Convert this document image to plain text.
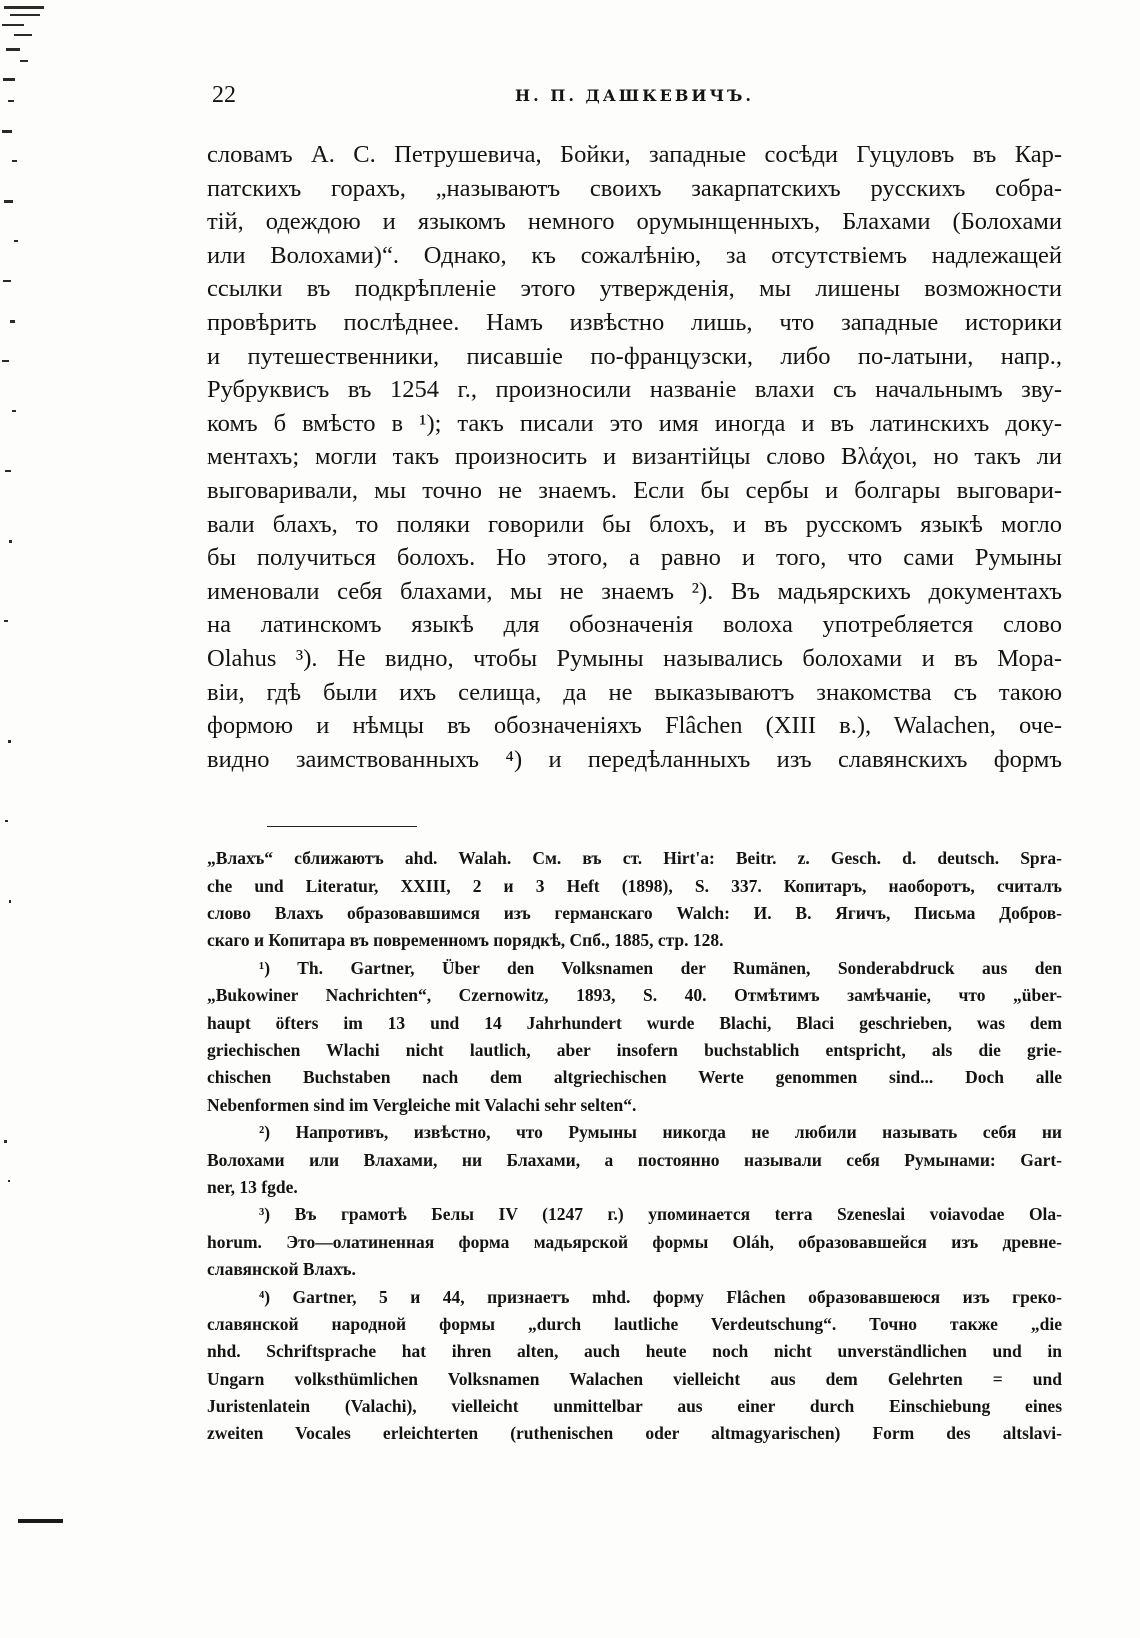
22	Н. П. ДАШКЕВИЧЪ.
словамъ А. С. Петрушевича, Бойки, западные сосѣди Гуцуловъ въ Кар-
патскихъ горахъ, „называютъ своихъ закарпатскихъ русскихъ собра-
тій, одеждою и языкомъ немного орумынщенныхъ, Блахами (Болохами
или Волохами)“. Однако, къ сожалѣнію, за отсутствіемъ надлежащей
ссылки въ подкрѣпленіе этого утвержденія, мы лишены возможности
провѣрить послѣднее. Намъ извѣстно лишь, что западные историки
и путешественники, писавшіе по-французски, либо по-латыни, напр.,
Рубруквисъ въ 1254 г., произносили названіе влахи съ начальнымъ зву-
комъ б вмѣсто в ¹); такъ писали это имя иногда и въ латинскихъ доку-
ментахъ; могли такъ произносить и византійцы слово Βλάχοι, но такъ ли
выговаривали, мы точно не знаемъ. Если бы сербы и болгары выговари-
вали блахъ, то поляки говорили бы блохъ, и въ русскомъ языкѣ могло
бы получиться болохъ. Но этого, а равно и того, что сами Румыны
именовали себя блахами, мы не знаемъ ²). Въ мадьярскихъ документахъ
на латинскомъ языкѣ для обозначенія волоха употребляется слово
Olahus ³). Не видно, чтобы Румыны назывались болохами и въ Мора-
віи, гдѣ были ихъ селища, да не выказываютъ знакомства съ такою
формою и нѣмцы въ обозначеніяхъ Flâchen (XIII в.), Walachen, оче-
видно заимствованныхъ ⁴) и передѣланныхъ изъ славянскихъ формъ
„Влахъ“ сближаютъ ahd. Walah. См. въ ст. Hirt'a: Beitr. z. Gesch. d. deutsch. Spra-
che und Literatur, XXIII, 2 и 3 Heft (1898), S. 337. Копитаръ, наоборотъ, считалъ
слово Влахъ образовавшимся изъ германскаго Walch: И. В. Ягичъ, Письма Добров-
скаго и Копитара въ повременномъ порядкѣ, Спб., 1885, стр. 128.
¹) Th. Gartner, Über den Volksnamen der Rumänen, Sonderabdruck aus den
„Bukowiner Nachrichten“, Czernowitz, 1893, S. 40. Отмѣтимъ замѣчаніе, что „über-
haupt öfters im 13 und 14 Jahrhundert wurde Blachi, Blaci geschrieben, was dem
griechischen Wlachi nicht lautlich, aber insofern buchstablich entspricht, als die grie-
chischen Buchstaben nach dem altgriechischen Werte genommen sind... Doch alle
Nebenformen sind im Vergleiche mit Valachi sehr selten“.
²) Напротивъ, извѣстно, что Румыны никогда не любили называть себя ни
Волохами или Влахами, ни Блахами, а постоянно называли себя Румынами: Gart-
ner, 13 fgde.
³) Въ грамотѣ Белы IV (1247 г.) упоминается terra Szeneslai voiavodae Ola-
horum. Это—олатиненная форма мадьярской формы Oláh, образовавшейся изъ древне-
славянской Влахъ.
⁴) Gartner, 5 и 44, признаетъ mhd. форму Flâchen образовавшеюся изъ греко-
славянской народной формы „durch lautliche Verdeutschung“. Точно также „die
nhd. Schriftsprache hat ihren alten, auch heute noch nicht unverständlichen und in
Ungarn volksthümlichen Volksnamen Walachen vielleicht aus dem Gelehrten = und
Juristenlatein (Valachi), vielleicht unmittelbar aus einer durch Einschiebung eines
zweiten Vocales erleichterten (ruthenischen oder altmagyarischen) Form des altslavi-
